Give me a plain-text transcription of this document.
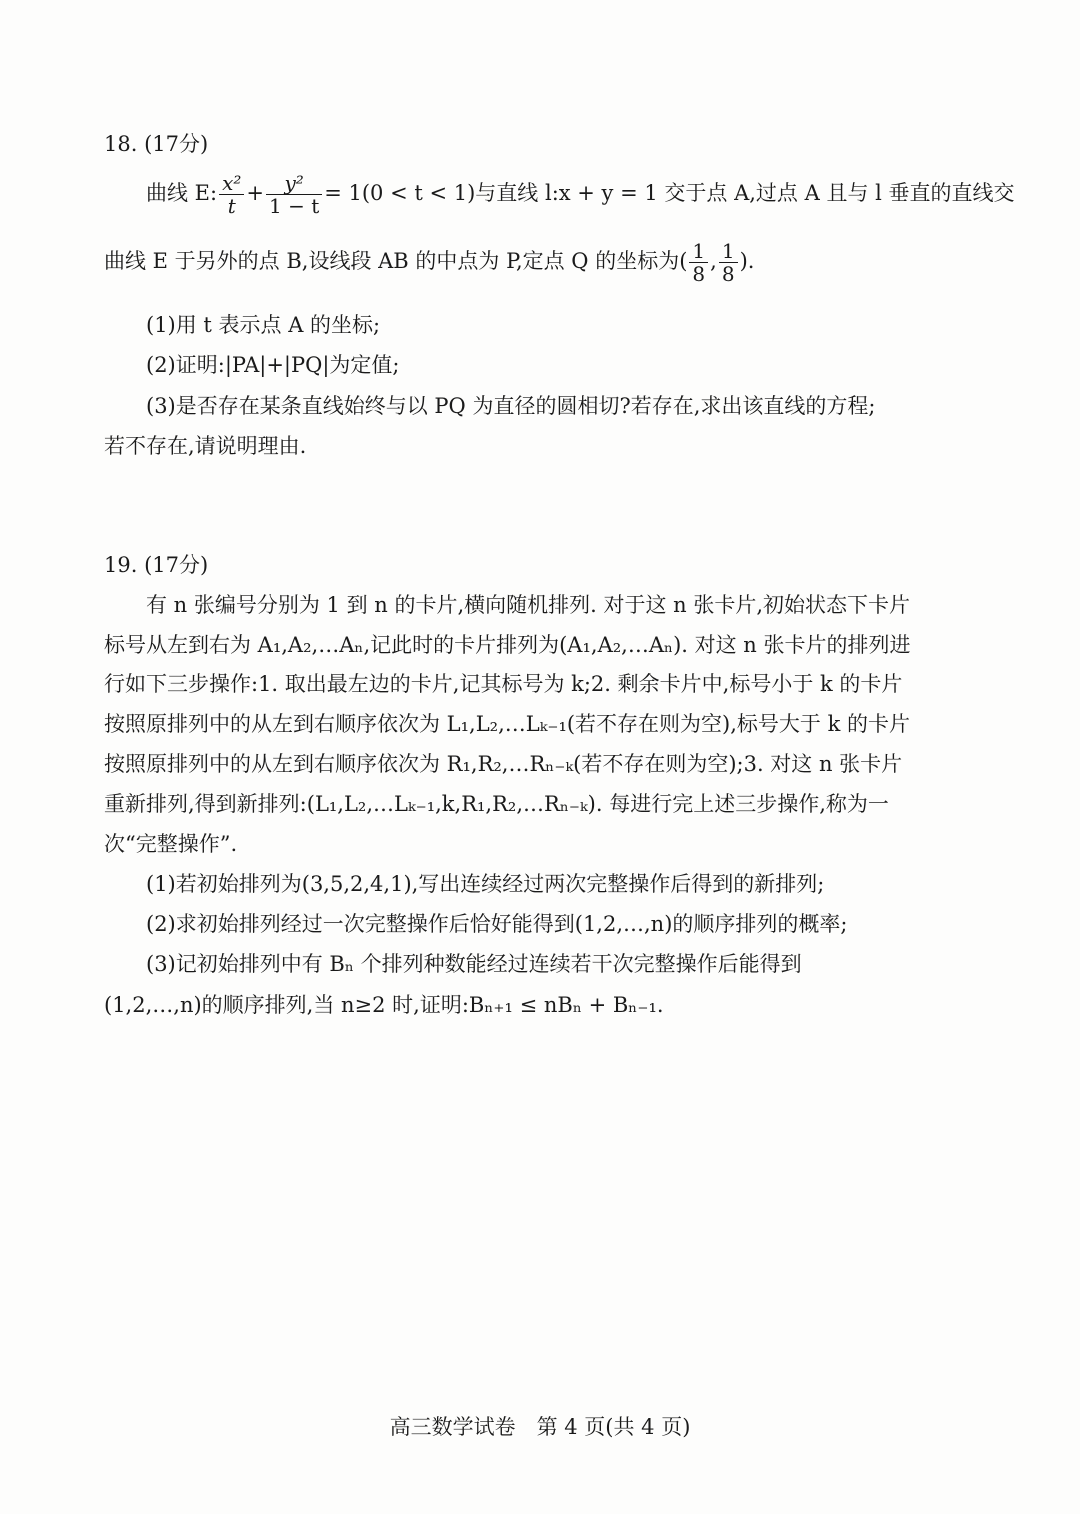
18. (17分)
曲线 E: $\frac{\text{x²}}{t} + \frac{\text{y²}}{1 - t} = 1(0 < t < 1)$与直线 l:x + y = 1 交于点 A,过点 A 且与 l 垂直的直线交
曲线 E 于另外的点 B,设线段 AB 的中点为 P,定点 Q 的坐标为( $\frac{1}{8}$ , $\frac{1}{8}$ ).
(1)用 t 表示点 A 的坐标;
(2)证明:|PA|+|PQ|为定值;
(3)是否存在某条直线始终与以 PQ 为直径的圆相切?若存在,求出该直线的方程;
若不存在,请说明理由.
19. (17分)
有 n 张编号分别为 1 到 n 的卡片,横向随机排列. 对于这 n 张卡片,初始状态下卡片
标号从左到右为 A₁,A₂,…Aₙ,记此时的卡片排列为(A₁,A₂,…Aₙ). 对这 n 张卡片的排列进
行如下三步操作:1. 取出最左边的卡片,记其标号为 k;2. 剩余卡片中,标号小于 k 的卡片
按照原排列中的从左到右顺序依次为 L₁,L₂,…Lₖ₋₁(若不存在则为空),标号大于 k 的卡片
按照原排列中的从左到右顺序依次为 R₁,R₂,…Rₙ₋ₖ(若不存在则为空);3. 对这 n 张卡片
重新排列,得到新排列:(L₁,L₂,…Lₖ₋₁,k,R₁,R₂,…Rₙ₋ₖ). 每进行完上述三步操作,称为一
次“完整操作”.
(1)若初始排列为(3,5,2,4,1),写出连续经过两次完整操作后得到的新排列;
(2)求初始排列经过一次完整操作后恰好能得到(1,2,…,n)的顺序排列的概率;
(3)记初始排列中有 Bₙ 个排列种数能经过连续若干次完整操作后能得到
(1,2,…,n)的顺序排列,当 n≥2 时,证明:Bₙ₊₁ ≤ nBₙ + Bₙ₋₁.
高三数学试卷　第 4 页(共 4 页)
